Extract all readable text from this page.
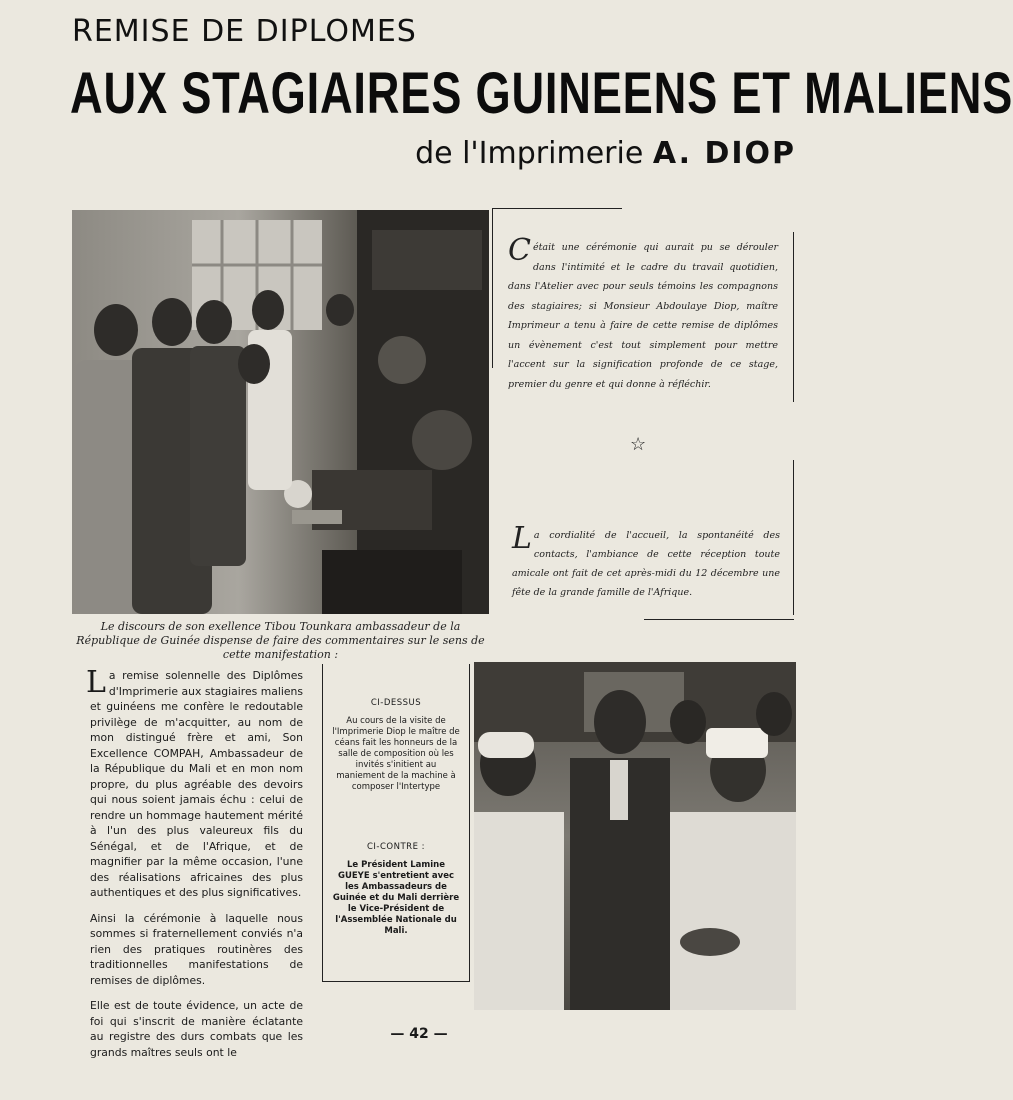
REMISE DE DIPLOMES
AUX STAGIAIRES GUINEENS ET MALIENS
de l'Imprimerie A. DIOP
Le discours de son exellence Tibou Tounkara ambassadeur de la République de Guinée dispense de faire des commentaires sur le sens de cette manifestation :
Cétait une cérémonie qui aurait pu se dérouler dans l'intimité et le cadre du travail quotidien, dans l'Atelier avec pour seuls témoins les compagnons des stagiaires; si Monsieur Abdoulaye Diop, maître Imprimeur a tenu à faire de cette remise de diplômes un évènement c'est tout simplement pour mettre l'accent sur la signification profonde de ce stage, premier du genre et qui donne à réfléchir.
☆
La cordialité de l'accueil, la spontanéité des contacts, l'ambiance de cette réception toute amicale ont fait de cet après-midi du 12 décembre une fête de la grande famille de l'Afrique.

La remise solennelle des Diplômes d'Imprimerie aux stagiaires maliens et guinéens me confère le redoutable privilège de m'acquitter, au nom de mon distingué frère et ami, Son Excellence COMPAH, Ambassadeur de la République du Mali et en mon nom propre, du plus agréable des devoirs qui nous soient jamais échu : celui de rendre un hommage hautement mérité à l'un des plus valeureux fils du Sénégal, et de l'Afrique, et de magnifier par la même occasion, l'une des réalisations africaines des plus authentiques et des plus significatives.

Ainsi la cérémonie à laquelle nous sommes si fraternellement conviés n'a rien des pratiques routinères des traditionnelles manifestations de remises de diplômes.

Elle est de toute évidence, un acte de foi qui s'inscrit de manière éclatante au registre des durs combats que les grands maîtres seuls ont le

CI-DESSUS
Au cours de la visite de l'Imprimerie Diop le maître de céans fait les honneurs de la salle de composition où les invités s'initient au maniement de la machine à composer l'Intertype
CI-CONTRE :
Le Président Lamine GUEYE s'entretient avec les Ambassadeurs de Guinée et du Mali derrière le Vice-Président de l'Assemblée Nationale du Mali.
— 42 —
